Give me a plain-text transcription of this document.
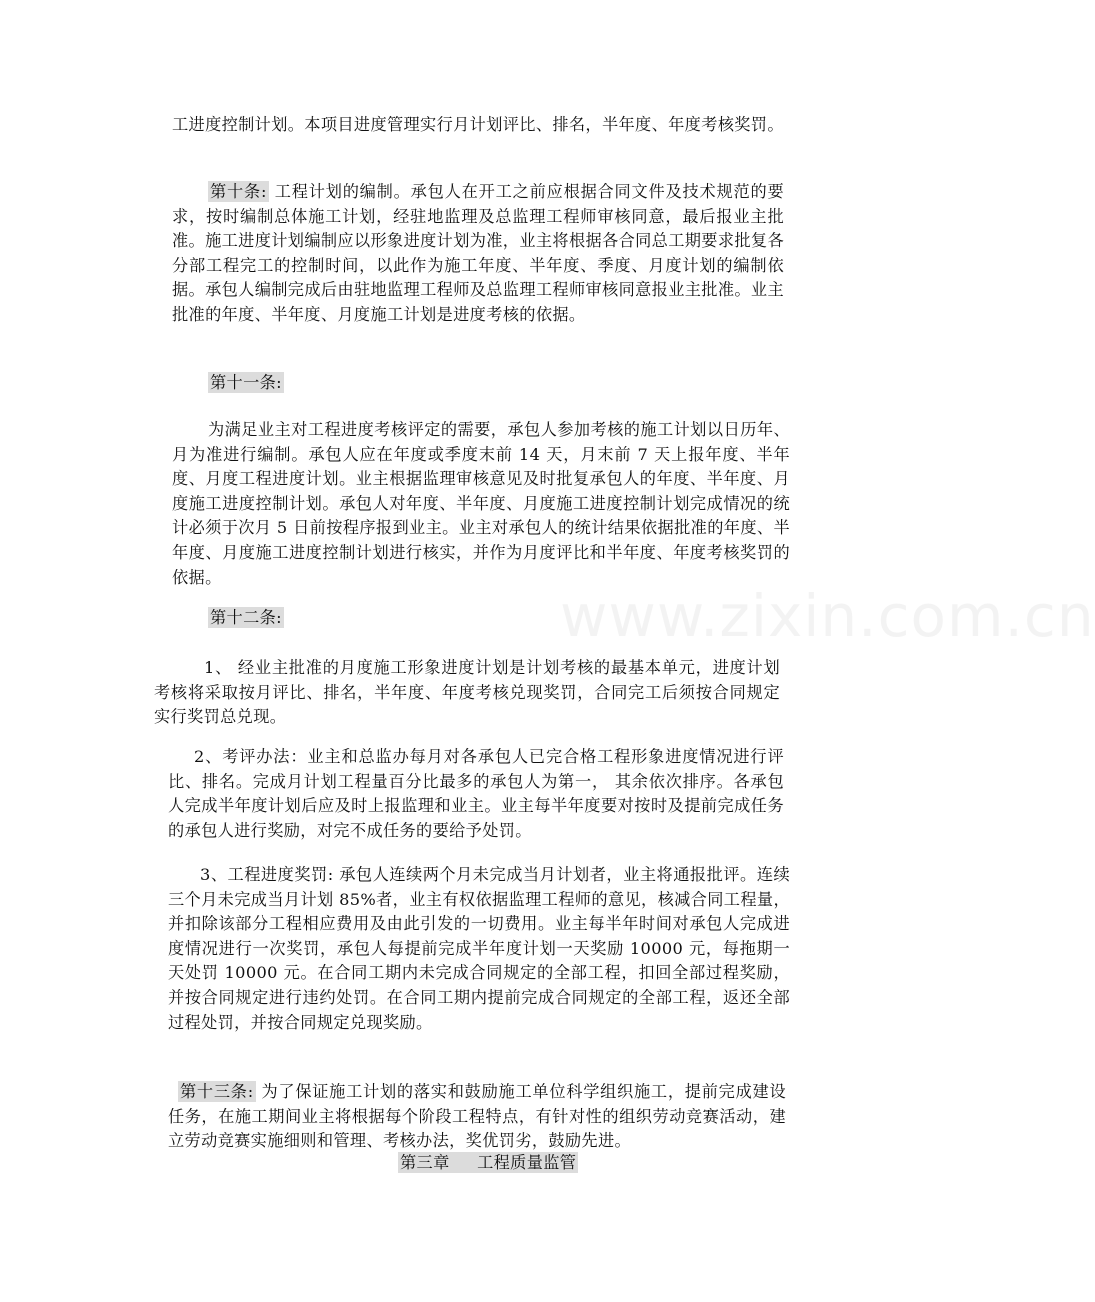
www.zixin.com.cn

工进度控制计划。本项目进度管理实行月计划评比、排名，半年度、年度考核奖罚。

第十条: 工程计划的编制。承包人在开工之前应根据合同文件及技术规范的要求，按时编制总体施工计划，经驻地监理及总监理工程师审核同意，最后报业主批准。施工进度计划编制应以形象进度计划为准，业主将根据各合同总工期要求批复各分部工程完工的控制时间，以此作为施工年度、半年度、季度、月度计划的编制依据。承包人编制完成后由驻地监理工程师及总监理工程师审核同意报业主批准。业主批准的年度、半年度、月度施工计划是进度考核的依据。

第十一条:

为满足业主对工程进度考核评定的需要，承包人参加考核的施工计划以日历年、月为准进行编制。承包人应在年度或季度末前 14 天，月末前 7 天上报年度、半年度、月度工程进度计划。业主根据监理审核意见及时批复承包人的年度、半年度、月度施工进度控制计划。承包人对年度、半年度、月度施工进度控制计划完成情况的统计必须于次月 5 日前按程序报到业主。业主对承包人的统计结果依据批准的年度、半年度、月度施工进度控制计划进行核实，并作为月度评比和半年度、年度考核奖罚的依据。

第十二条:

1、 经业主批准的月度施工形象进度计划是计划考核的最基本单元，进度计划考核将采取按月评比、排名，半年度、年度考核兑现奖罚，合同完工后须按合同规定实行奖罚总兑现。

2、考评办法：业主和总监办每月对各承包人已完合格工程形象进度情况进行评比、排名。完成月计划工程量百分比最多的承包人为第一， 其余依次排序。各承包人完成半年度计划后应及时上报监理和业主。业主每半年度要对按时及提前完成任务的承包人进行奖励，对完不成任务的要给予处罚。

3、工程进度奖罚: 承包人连续两个月未完成当月计划者，业主将通报批评。连续三个月未完成当月计划 85%者，业主有权依据监理工程师的意见，核减合同工程量，并扣除该部分工程相应费用及由此引发的一切费用。业主每半年时间对承包人完成进度情况进行一次奖罚，承包人每提前完成半年度计划一天奖励 10000 元，每拖期一天处罚 10000 元。在合同工期内未完成合同规定的全部工程，扣回全部过程奖励，并按合同规定进行违约处罚。在合同工期内提前完成合同规定的全部工程，返还全部过程处罚，并按合同规定兑现奖励。

第十三条: 为了保证施工计划的落实和鼓励施工单位科学组织施工，提前完成建设任务，在施工期间业主将根据每个阶段工程特点，有针对性的组织劳动竞赛活动，建立劳动竞赛实施细则和管理、考核办法，奖优罚劣，鼓励先进。

第三章 工程质量监管
